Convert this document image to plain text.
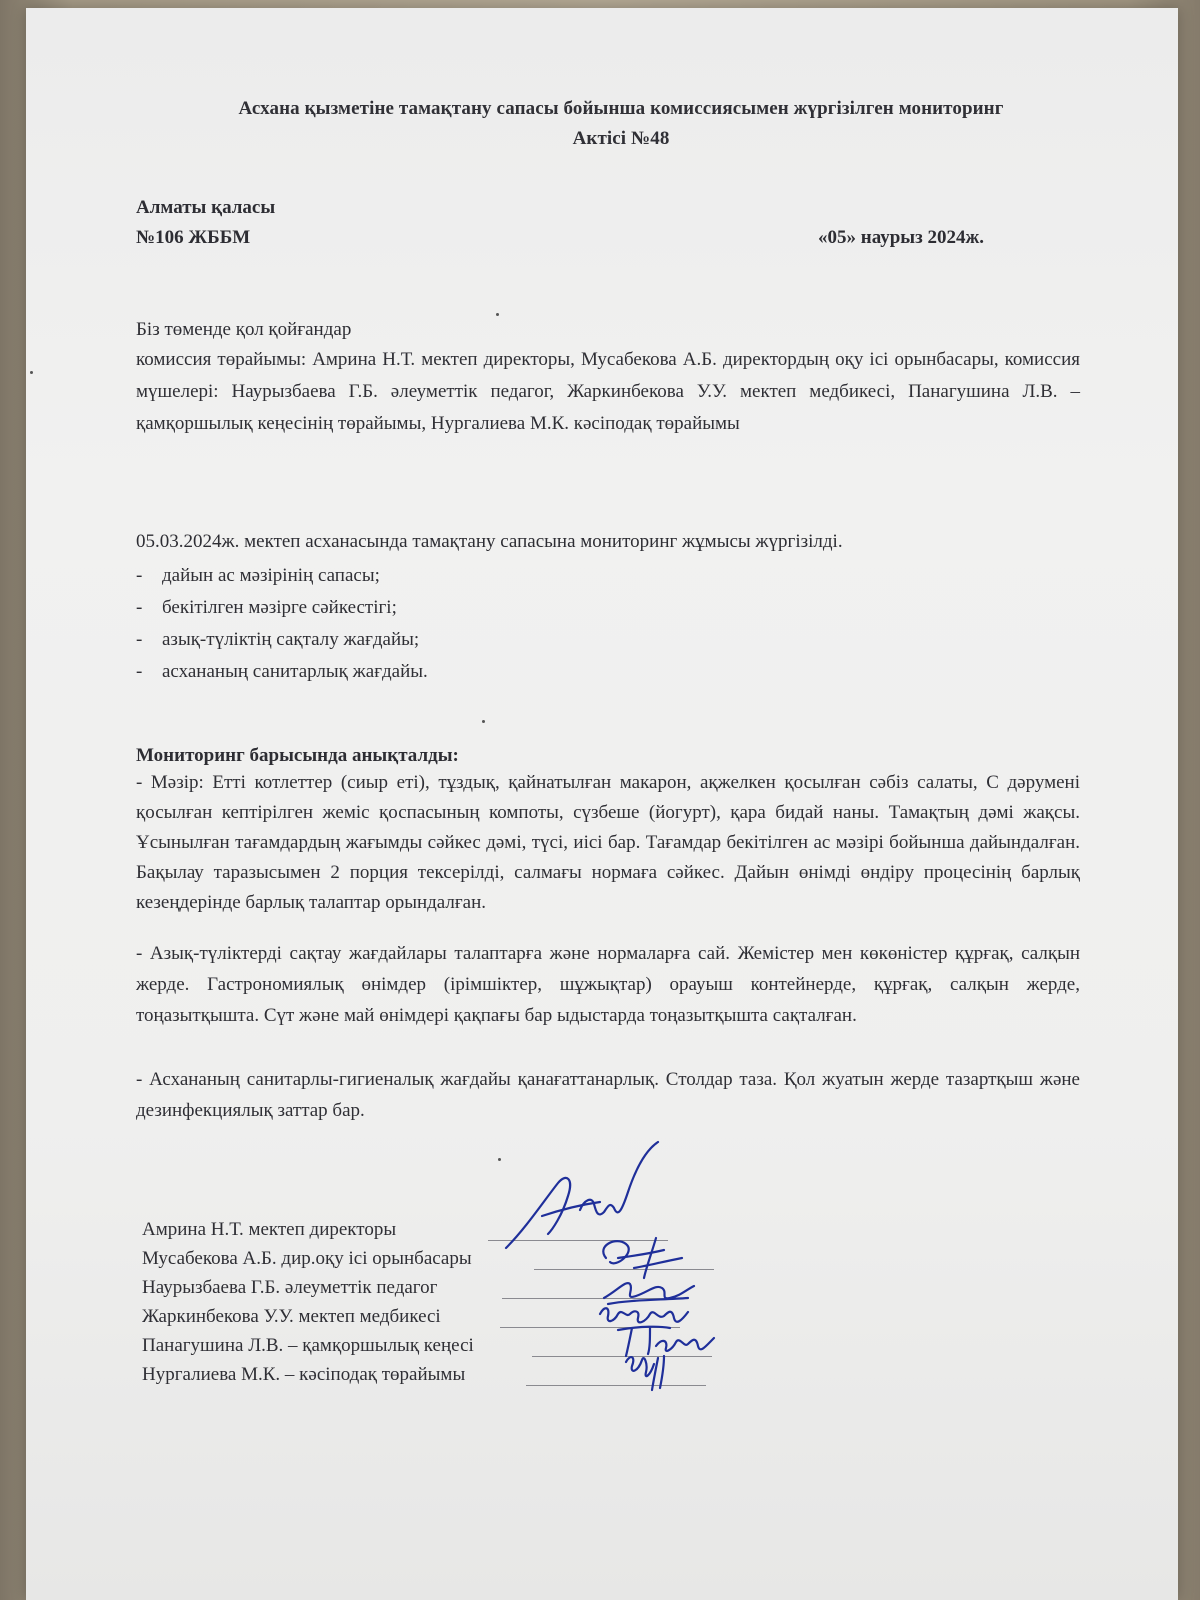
Асхана қызметіне тамақтану сапасы бойынша комиссиясымен жүргізілген мониторинг
Актісі №48
Алматы қаласы
№106 ЖББМ	«05» наурыз 2024ж.
Біз төменде қол қойғандар
комиссия төрайымы: Амрина Н.Т. мектеп директоры, Мусабекова А.Б. директордың оқу ісі орынбасары, комиссия мүшелері: Наурызбаева Г.Б. әлеуметтік педагог, Жаркинбекова У.У. мектеп медбикесі, Панагушина Л.В. – қамқоршылық кеңесінің төрайымы, Нургалиева М.К. кәсіподақ төрайымы
05.03.2024ж. мектеп асханасында тамақтану сапасына мониторинг жұмысы жүргізілді.
- дайын ас мәзірінің сапасы;
- бекітілген мәзірге сәйкестігі;
- азық-түліктің сақталу жағдайы;
- асхананың санитарлық жағдайы.
Мониторинг барысында анықталды:
- Мәзір: Етті котлеттер (сиыр еті), тұздық, қайнатылған макарон, ақжелкен қосылған сәбіз салаты, С дәрумені қосылған кептірілген жеміс қоспасының компоты, сүзбеше (йогурт), қара бидай наны. Тамақтың дәмі жақсы. Ұсынылған тағамдардың жағымды сәйкес дәмі, түсі, иісі бар. Тағамдар бекітілген ас мәзірі бойынша дайындалған. Бақылау таразысымен 2 порция тексерілді, салмағы нормаға сәйкес. Дайын өнімді өндіру процесінің барлық кезеңдерінде барлық талаптар орындалған.
- Азық-түліктерді сақтау жағдайлары талаптарға және нормаларға сай. Жемістер мен көкөністер құрғақ, салқын жерде. Гастрономиялық өнімдер (ірімшіктер, шұжықтар) орауыш контейнерде, құрғақ, салқын жерде, тоңазытқышта. Сүт және май өнімдері қақпағы бар ыдыстарда тоңазытқышта сақталған.
- Асхананың санитарлы-гигиеналық жағдайы қанағаттанарлық. Столдар таза. Қол жуатын жерде тазартқыш және дезинфекциялық заттар бар.
Амрина Н.Т. мектеп директоры
Мусабекова А.Б. дир.оқу ісі орынбасары
Наурызбаева Г.Б. әлеуметтік педагог
Жаркинбекова У.У. мектеп медбикесі
Панагушина Л.В. – қамқоршылық кеңесі
Нургалиева М.К. – кәсіподақ төрайымы
